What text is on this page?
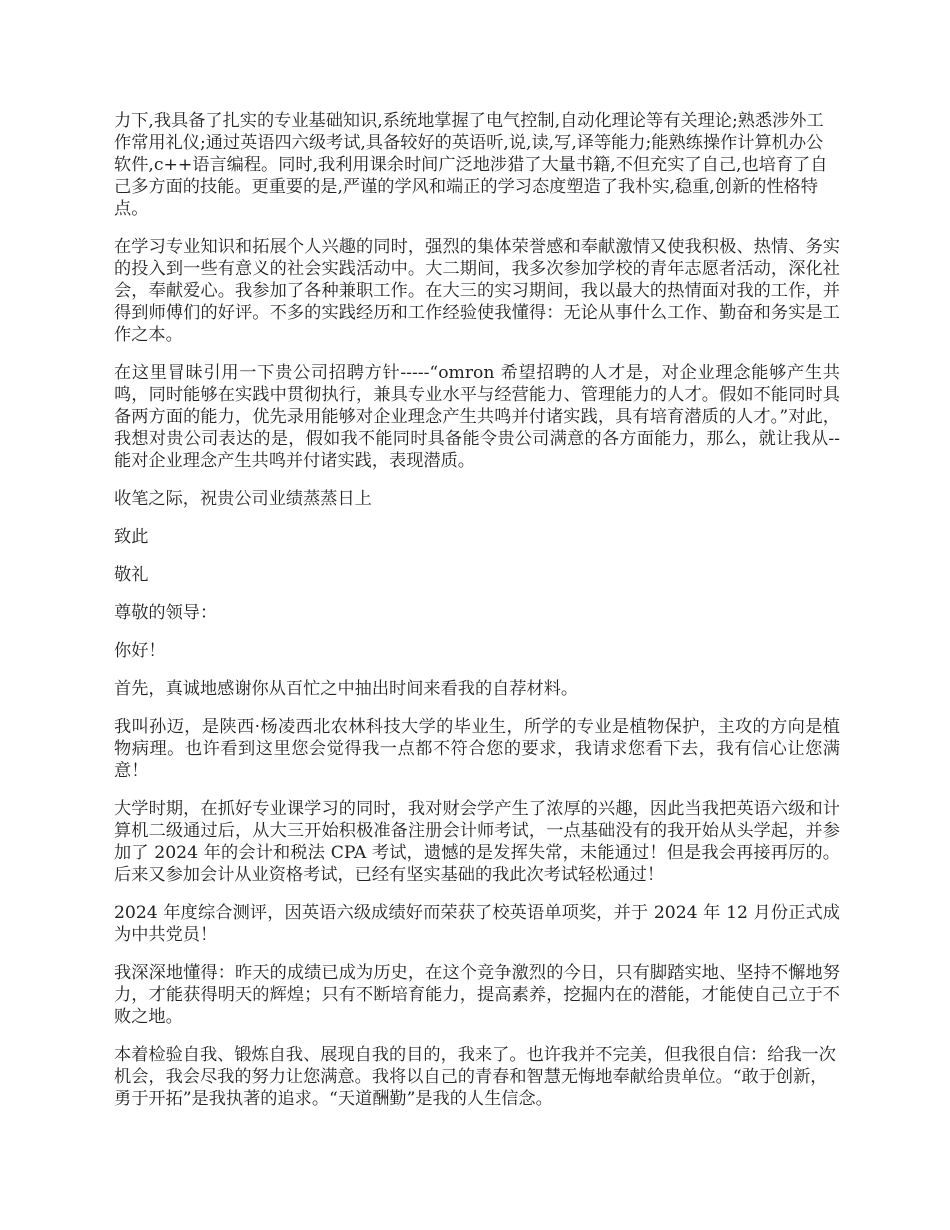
力下,我具备了扎实的专业基础知识,系统地掌握了电气控制,自动化理论等有关理论;熟悉涉外工作常用礼仪;通过英语四六级考试,具备较好的英语听,说,读,写,译等能力;能熟练操作计算机办公软件,c++语言编程。同时,我利用课余时间广泛地涉猎了大量书籍,不但充实了自己,也培育了自己多方面的技能。更重要的是,严谨的学风和端正的学习态度塑造了我朴实,稳重,创新的性格特点。

在学习专业知识和拓展个人兴趣的同时，强烈的集体荣誉感和奉献激情又使我积极、热情、务实的投入到一些有意义的社会实践活动中。大二期间，我多次参加学校的青年志愿者活动，深化社会，奉献爱心。我参加了各种兼职工作。在大三的实习期间，我以最大的热情面对我的工作，并得到师傅们的好评。不多的实践经历和工作经验使我懂得：无论从事什么工作、勤奋和务实是工作之本。

在这里冒昧引用一下贵公司招聘方针-----“omron 希望招聘的人才是，对企业理念能够产生共鸣，同时能够在实践中贯彻执行，兼具专业水平与经营能力、管理能力的人才。假如不能同时具备两方面的能力，优先录用能够对企业理念产生共鸣并付诸实践，具有培育潜质的人才。”对此，我想对贵公司表达的是，假如我不能同时具备能令贵公司满意的各方面能力，那么，就让我从--能对企业理念产生共鸣并付诸实践，表现潜质。

收笔之际，祝贵公司业绩蒸蒸日上

致此

敬礼

尊敬的领导：

你好！

首先，真诚地感谢你从百忙之中抽出时间来看我的自荐材料。

我叫孙迈，是陕西·杨凌西北农林科技大学的毕业生，所学的专业是植物保护，主攻的方向是植物病理。也许看到这里您会觉得我一点都不符合您的要求，我请求您看下去，我有信心让您满意！

大学时期，在抓好专业课学习的同时，我对财会学产生了浓厚的兴趣，因此当我把英语六级和计算机二级通过后，从大三开始积极准备注册会计师考试，一点基础没有的我开始从头学起，并参加了 2024 年的会计和税法 CPA 考试，遗憾的是发挥失常，未能通过！但是我会再接再厉的。后来又参加会计从业资格考试，已经有坚实基础的我此次考试轻松通过！

2024 年度综合测评，因英语六级成绩好而荣获了校英语单项奖，并于 2024 年 12 月份正式成为中共党员！

我深深地懂得：昨天的成绩已成为历史，在这个竞争激烈的今日，只有脚踏实地、坚持不懈地努力，才能获得明天的辉煌；只有不断培育能力，提高素养，挖掘内在的潜能，才能使自己立于不败之地。

本着检验自我、锻炼自我、展现自我的目的，我来了。也许我并不完美，但我很自信：给我一次机会，我会尽我的努力让您满意。我将以自己的青春和智慧无悔地奉献给贵单位。“敢于创新，勇于开拓”是我执著的追求。“天道酬勤”是我的人生信念。
